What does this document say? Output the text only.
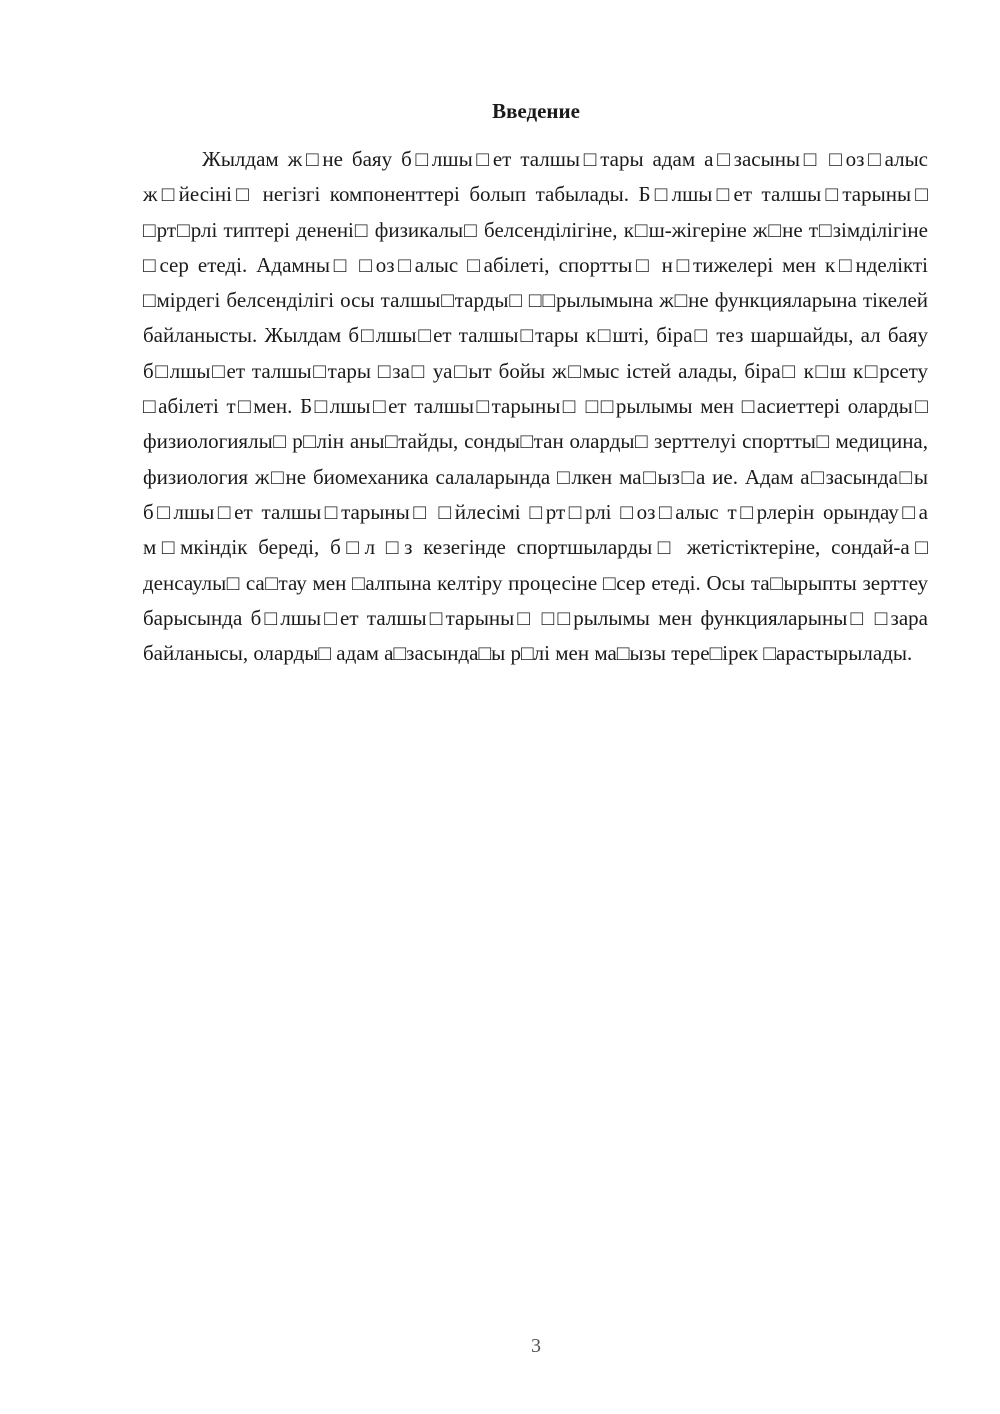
Введение

Жылдам ж□не баяу б□лшы□ет талшы□тары адам а□засыны□ □оз□алыс ж□йесіні□ негізгі компоненттері болып табылады. Б□лшы□ет талшы□тарыны□ □рт□рлі типтері денені□ физикалы□ белсенділігіне, к□ш-жігеріне ж□не т□зімділігіне □сер етеді. Адамны□ □оз□алыс □абілеті, спортты□ н□тижелері мен к□нделікті □мірдегі белсенділігі осы талшы□тарды□ □□рылымына ж□не функцияларына тікелей байланысты. Жылдам б□лшы□ет талшы□тары к□шті, біра□ тез шаршайды, ал баяу б□лшы□ет талшы□тары □за□ уа□ыт бойы ж□мыс істей алады, біра□ к□ш к□рсету □абілеті т□мен. Б□лшы□ет талшы□тарыны□ □□рылымы мен □асиеттері оларды□ физиологиялы□ р□лін аны□тайды, сонды□тан оларды□ зерттелуі спортты□ медицина, физиология ж□не биомеханика салаларында □лкен ма□ыз□а ие. Адам а□засында□ы б□лшы□ет талшы□тарыны□ □йлесімі □рт□рлі □оз□алыс т□рлерін орындау□а м□мкіндік береді, б□л □з кезегінде спортшыларды□ жетістіктеріне, сондай-а□ денсаулы□ са□тау мен □алпына келтіру процесіне □сер етеді. Осы та□ырыпты зерттеу барысында б□лшы□ет талшы□тарыны□ □□рылымы мен функцияларыны□ □зара байланысы, оларды□ адам а□засында□ы р□лі мен ма□ызы тере□ірек □арастырылады.

3
